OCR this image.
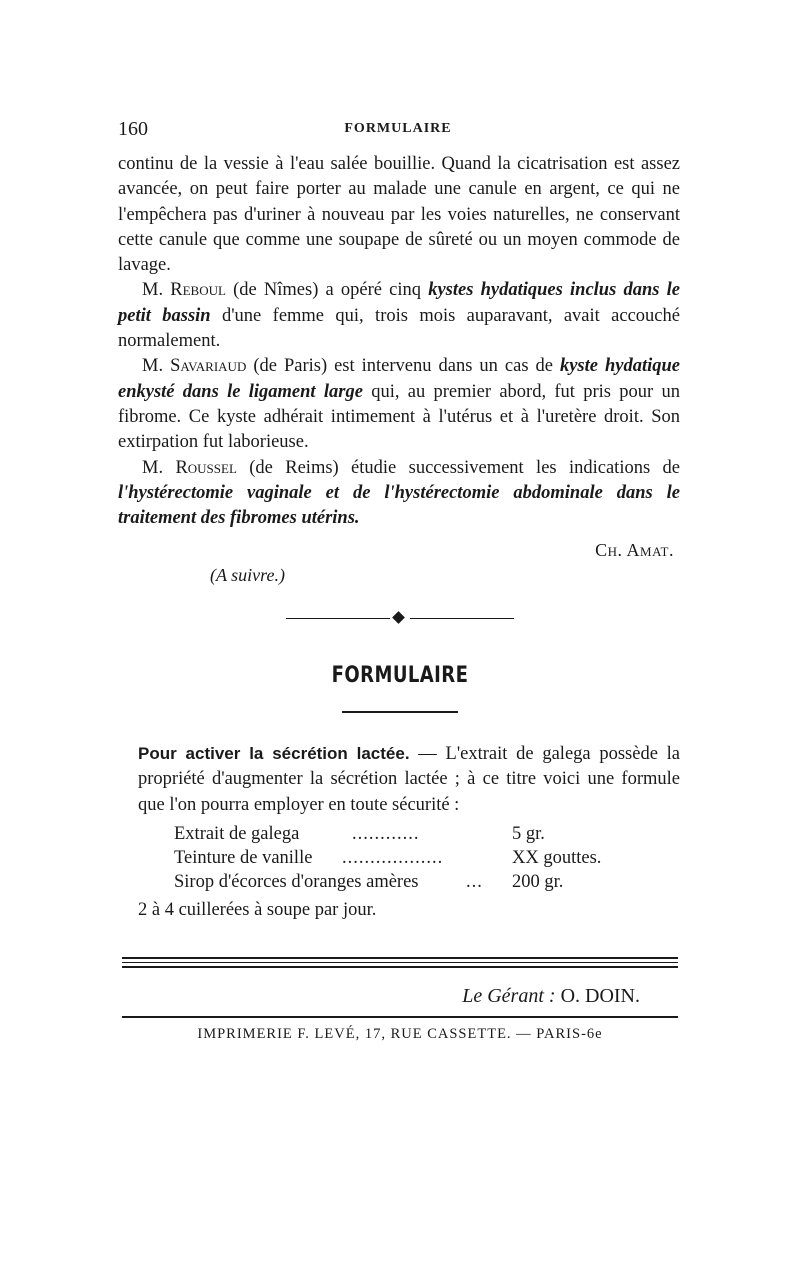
160	FORMULAIRE

continu de la vessie à l'eau salée bouillie. Quand la cicatrisation est assez avancée, on peut faire porter au malade une canule en argent, ce qui ne l'empêchera pas d'uriner à nouveau par les voies naturelles, ne conservant cette canule que comme une soupape de sûreté ou un moyen commode de lavage.

M. Reboul (de Nîmes) a opéré cinq kystes hydatiques inclus dans le petit bassin d'une femme qui, trois mois auparavant, avait accouché normalement.

M. Savariaud (de Paris) est intervenu dans un cas de kyste hydatique enkysté dans le ligament large qui, au premier abord, fut pris pour un fibrome. Ce kyste adhérait intimement à l'utérus et à l'uretère droit. Son extirpation fut laborieuse.

M. Roussel (de Reims) étudie successivement les indications de l'hystérectomie vaginale et de l'hystérectomie abdominale dans le traitement des fibromes utérins.

Ch. Amat.
(A suivre.)
FORMULAIRE

Pour activer la sécrétion lactée. — L'extrait de galega possède la propriété d'augmenter la sécrétion lactée ; à ce titre voici une formule que l'on pourra employer en toute sécurité :

Extrait de galega	............	5 gr.
Teinture de vanille ..................	XX gouttes.
Sirop d'écorces d'oranges amères	... 200 gr.
2 à 4 cuillerées à soupe par jour.
Le Gérant : O. DOIN.
IMPRIMERIE F. LEVÉ, 17, RUE CASSETTE. — PARIS-6e
